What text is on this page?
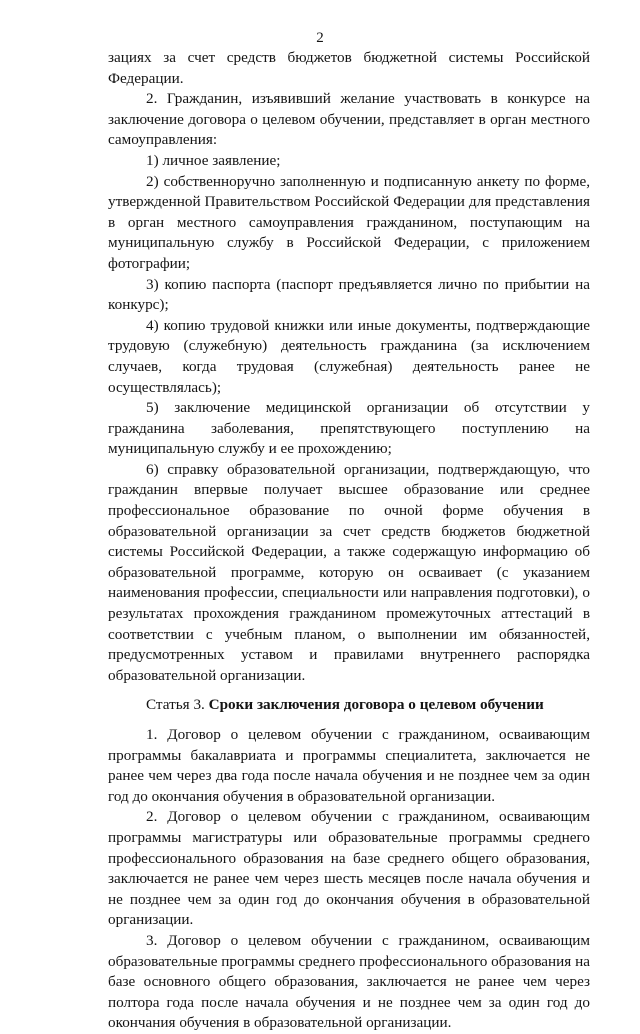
2

зациях за счет средств бюджетов бюджетной системы Российской Федерации.

2. Гражданин, изъявивший желание участвовать в конкурсе на заключение договора о целевом обучении, представляет в орган местного самоуправления:

1) личное заявление;

2) собственноручно заполненную и подписанную анкету по форме, утвержденной Правительством Российской Федерации для представления в орган местного самоуправления гражданином, поступающим на муниципальную службу в Российской Федерации, с приложением фотографии;

3) копию паспорта (паспорт предъявляется лично по прибытии на конкурс);

4) копию трудовой книжки или иные документы, подтверждающие трудовую (служебную) деятельность гражданина (за исключением случаев, когда трудовая (служебная) деятельность ранее не осуществлялась);

5) заключение медицинской организации об отсутствии у гражданина заболевания, препятствующего поступлению на муниципальную службу и ее прохождению;

6) справку образовательной организации, подтверждающую, что гражданин впервые получает высшее образование или среднее профессиональное образование по очной форме обучения в образовательной организации за счет средств бюджетов бюджетной системы Российской Федерации, а также содержащую информацию об образовательной программе, которую он осваивает (с указанием наименования профессии, специальности или направления подготовки), о результатах прохождения гражданином промежуточных аттестаций в соответствии с учебным планом, о выполнении им обязанностей, предусмотренных уставом и правилами внутреннего распорядка образовательной организации.

Статья 3. Сроки заключения договора о целевом обучении

1. Договор о целевом обучении с гражданином, осваивающим программы бакалавриата и программы специалитета, заключается не ранее чем через два года после начала обучения и не позднее чем за один год до окончания обучения в образовательной организации.

2. Договор о целевом обучении с гражданином, осваивающим программы магистратуры или образовательные программы среднего профессионального образования на базе среднего общего образования, заключается не ранее чем через шесть месяцев после начала обучения и не позднее чем за один год до окончания обучения в образовательной организации.

3. Договор о целевом обучении с гражданином, осваивающим образовательные программы среднего профессионального образования на базе основного общего образования, заключается не ранее чем через полтора года после начала обучения и не позднее чем за один год до окончания обучения в образовательной организации.
